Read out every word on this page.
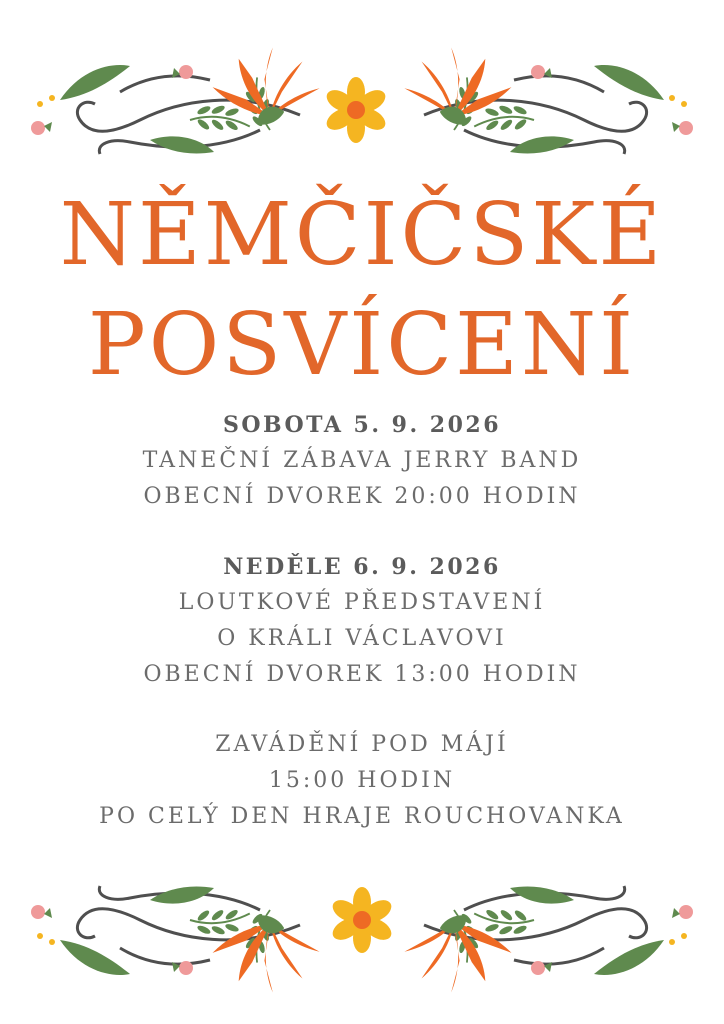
NĚMČIČSKÉ
POSVÍCENÍ

SOBOTA 5. 9. 2026

TANEČNÍ ZÁBAVA JERRY BAND

OBECNÍ DVOREK 20:00 HODIN

NEDĚLE 6. 9. 2026

LOUTKOVÉ PŘEDSTAVENÍ

O KRÁLI VÁCLAVOVI

OBECNÍ DVOREK 13:00 HODIN

ZAVÁDĚNÍ POD MÁJÍ

15:00 HODIN

PO CELÝ DEN HRAJE ROUCHOVANKA
